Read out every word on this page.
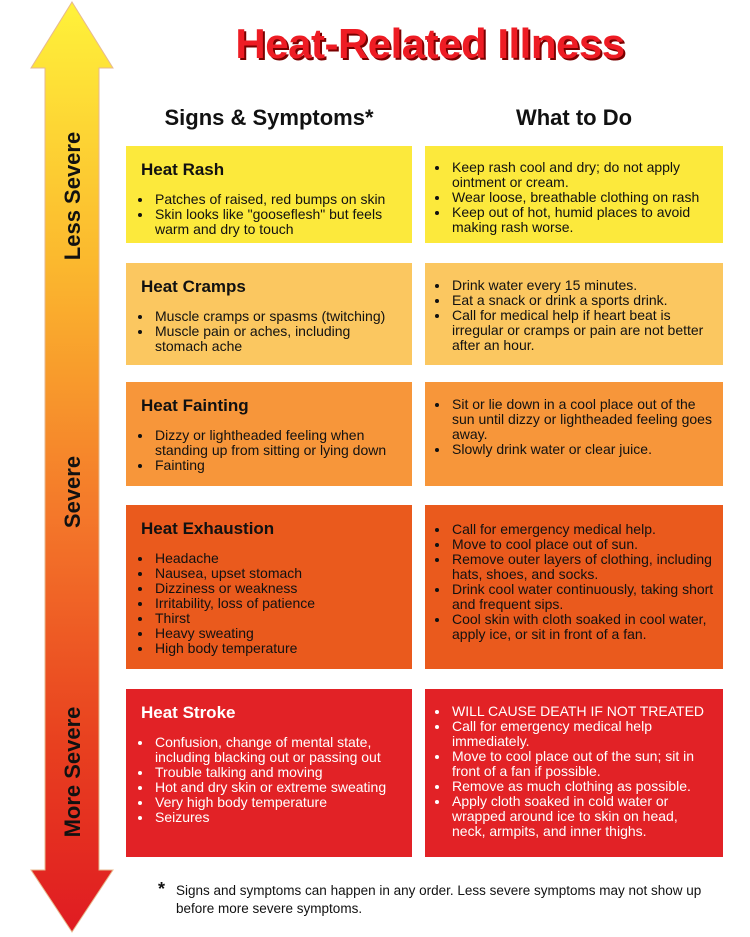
Less Severe
Severe
More Severe
Heat-Related Illness
Signs & Symptoms*	What to Do
Heat Rash
• Patches of raised, red bumps on skin
• Skin looks like "gooseflesh" but feels warm and dry to touch
• Keep rash cool and dry; do not apply ointment or cream.
• Wear loose, breathable clothing on rash
• Keep out of hot, humid places to avoid making rash worse.
Heat Cramps
• Muscle cramps or spasms (twitching)
• Muscle pain or aches, including stomach ache
• Drink water every 15 minutes.
• Eat a snack or drink a sports drink.
• Call for medical help if heart beat is irregular or cramps or pain are not better after an hour.
Heat Fainting
• Dizzy or lightheaded feeling when standing up from sitting or lying down
• Fainting
• Sit or lie down in a cool place out of the sun until dizzy or lightheaded feeling goes away.
• Slowly drink water or clear juice.
Heat Exhaustion
• Headache
• Nausea, upset stomach
• Dizziness or weakness
• Irritability, loss of patience
• Thirst
• Heavy sweating
• High body temperature
• Call for emergency medical help.
• Move to cool place out of sun.
• Remove outer layers of clothing, including hats, shoes, and socks.
• Drink cool water continuously, taking short and frequent sips.
• Cool skin with cloth soaked in cool water, apply ice, or sit in front of a fan.
Heat Stroke
• Confusion, change of mental state, including blacking out or passing out
• Trouble talking and moving
• Hot and dry skin or extreme sweating
• Very high body temperature
• Seizures
• WILL CAUSE DEATH IF NOT TREATED
• Call for emergency medical help immediately.
• Move to cool place out of the sun; sit in front of a fan if possible.
• Remove as much clothing as possible.
• Apply cloth soaked in cold water or wrapped around ice to skin on head, neck, armpits, and inner thighs.
* Signs and symptoms can happen in any order. Less severe symptoms may not show up before more severe symptoms.
